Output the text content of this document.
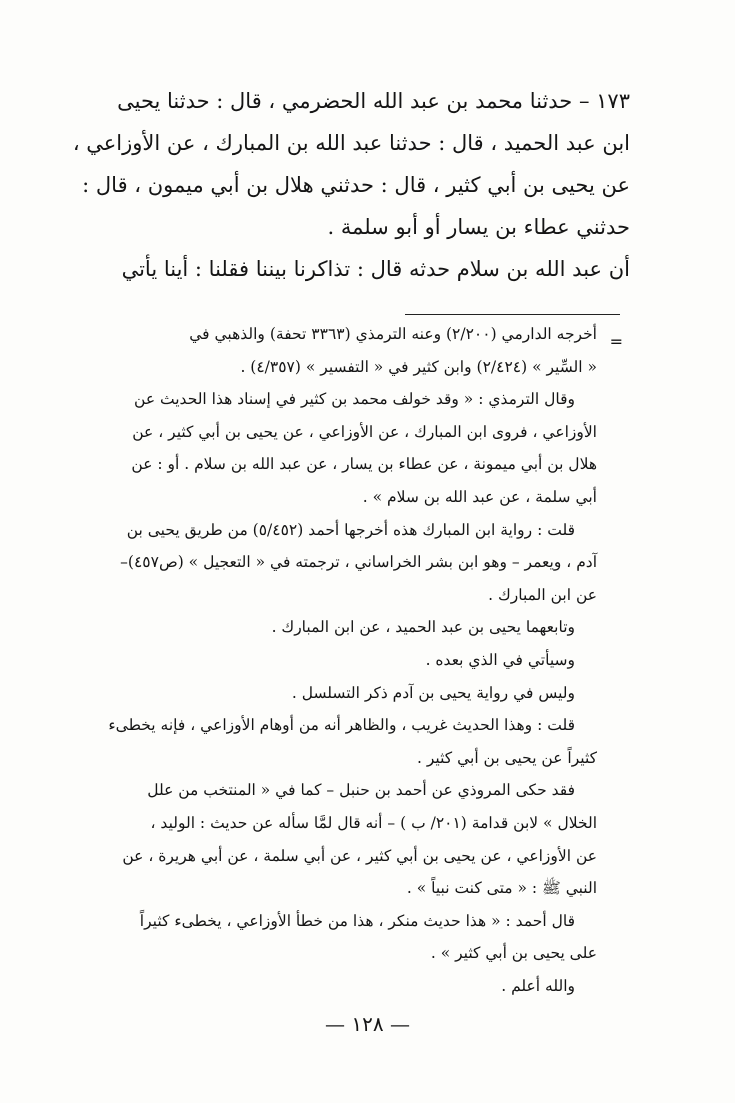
١٧٣ – حدثنا محمد بن عبد الله الحضرمي ، قال : حدثنا يحيى
ابن عبد الحميد ، قال : حدثنا عبد الله بن المبارك ، عن الأوزاعي ،
عن يحيى بن أبي كثير ، قال : حدثني هلال بن أبي ميمون ، قال :
حدثني عطاء بن يسار أو أبو سلمة .
أن عبد الله بن سلام حدثه قال : تذاكرنا بيننا فقلنا : أينا يأتي
=
أخرجه الدارمي (٢/٢٠٠) وعنه الترمذي (٣٣٦٣ تحفة) والذهبي في
« السِّير » (٢/٤٢٤) وابن كثير في « التفسير » (٤/٣٥٧) .
وقال الترمذي : « وقد خولف محمد بن كثير في إسناد هذا الحديث عن
الأوزاعي ، فروى ابن المبارك ، عن الأوزاعي ، عن يحيى بن أبي كثير ، عن
هلال بن أبي ميمونة ، عن عطاء بن يسار ، عن عبد الله بن سلام . أو : عن
أبي سلمة ، عن عبد الله بن سلام » .
قلت : رواية ابن المبارك هذه أخرجها أحمد (٥/٤٥٢) من طريق يحيى بن
آدم ، ويعمر – وهو ابن بشر الخراساني ، ترجمته في « التعجيل » (ص٤٥٧)–
عن ابن المبارك .
وتابعهما يحيى بن عبد الحميد ، عن ابن المبارك .
وسيأتي في الذي بعده .
وليس في رواية يحيى بن آدم ذكر التسلسل .
قلت : وهذا الحديث غريب ، والظاهر أنه من أوهام الأوزاعي ، فإنه يخطىء
كثيراً عن يحيى بن أبي كثير .
فقد حكى المروذي عن أحمد بن حنبل – كما في « المنتخب من علل
الخلال » لابن قدامة (٢٠١/ ب ) – أنه قال لمَّا سأله عن حديث : الوليد ،
عن الأوزاعي ، عن يحيى بن أبي كثير ، عن أبي سلمة ، عن أبي هريرة ، عن
النبي ﷺ : « متى كنت نبياً » .
قال أحمد : « هذا حديث منكر ، هذا من خطأ الأوزاعي ، يخطىء كثيراً
على يحيى بن أبي كثير » .
والله أعلم .
— ١٢٨ —
